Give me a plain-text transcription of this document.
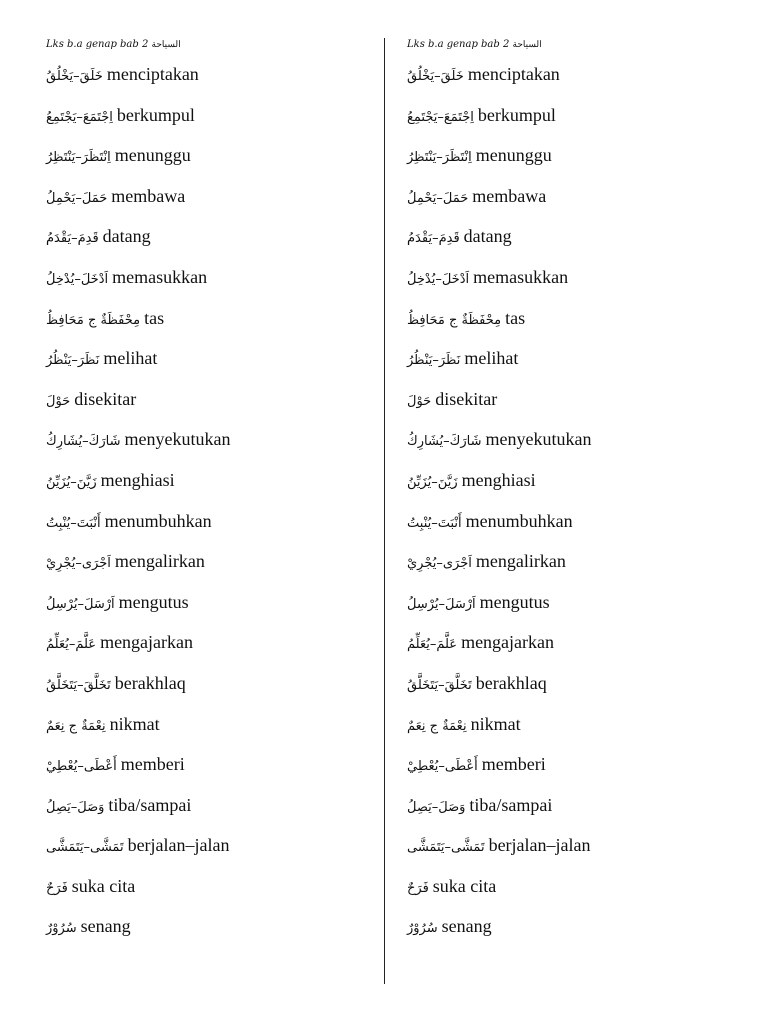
Lks b.a genap bab 2 السياحة
خَلَقَ–يَخْلُقُ menciptakan
اِجْتَمَعَ–يَجْتَمِعُ berkumpul
اِنْتَظَرَ–يَنْتَظِرُ menunggu
حَمَلَ–يَحْمِلُ membawa
قَدِمَ–يَقْدَمُ datang
اَدْخَلَ–يُدْخِلُ memasukkan
مِحْفَظَةٌ ج مَحَافِظُ tas
نَظَرَ–يَنْظُرُ melihat
حَوْلَ disekitar
شَارَكَ–يُشَارِكُ menyekutukan
زَيَّنَ–يُزَيِّنُ menghiasi
أَنْبَتَ–يُنْبِتُ menumbuhkan
اَجْرَى–يُجْرِيْ mengalirkan
اَرْسَلَ–يُرْسِلُ mengutus
عَلَّمَ–يُعَلِّمُ mengajarkan
تَخَلَّقَ–يَتَخَلَّقُ berakhlaq
نِعْمَةٌ ج نِعَمٌ nikmat
أَعْطَى–يُعْطِيْ memberi
وَصَلَ–يَصِلُ tiba/sampai
تَمَشَّى–يَتَمَشَّى berjalan–jalan
فَرَحٌ suka cita
سُرُوْرٌ senang
Lks b.a genap bab 2 السياحة
خَلَقَ–يَخْلُقُ menciptakan
اِجْتَمَعَ–يَجْتَمِعُ berkumpul
اِنْتَظَرَ–يَنْتَظِرُ menunggu
حَمَلَ–يَحْمِلُ membawa
قَدِمَ–يَقْدَمُ datang
اَدْخَلَ–يُدْخِلُ memasukkan
مِحْفَظَةٌ ج مَحَافِظُ tas
نَظَرَ–يَنْظُرُ melihat
حَوْلَ disekitar
شَارَكَ–يُشَارِكُ menyekutukan
زَيَّنَ–يُزَيِّنُ menghiasi
أَنْبَتَ–يُنْبِتُ menumbuhkan
اَجْرَى–يُجْرِيْ mengalirkan
اَرْسَلَ–يُرْسِلُ mengutus
عَلَّمَ–يُعَلِّمُ mengajarkan
تَخَلَّقَ–يَتَخَلَّقُ berakhlaq
نِعْمَةٌ ج نِعَمٌ nikmat
أَعْطَى–يُعْطِيْ memberi
وَصَلَ–يَصِلُ tiba/sampai
تَمَشَّى–يَتَمَشَّى berjalan–jalan
فَرَحٌ suka cita
سُرُوْرٌ senang
